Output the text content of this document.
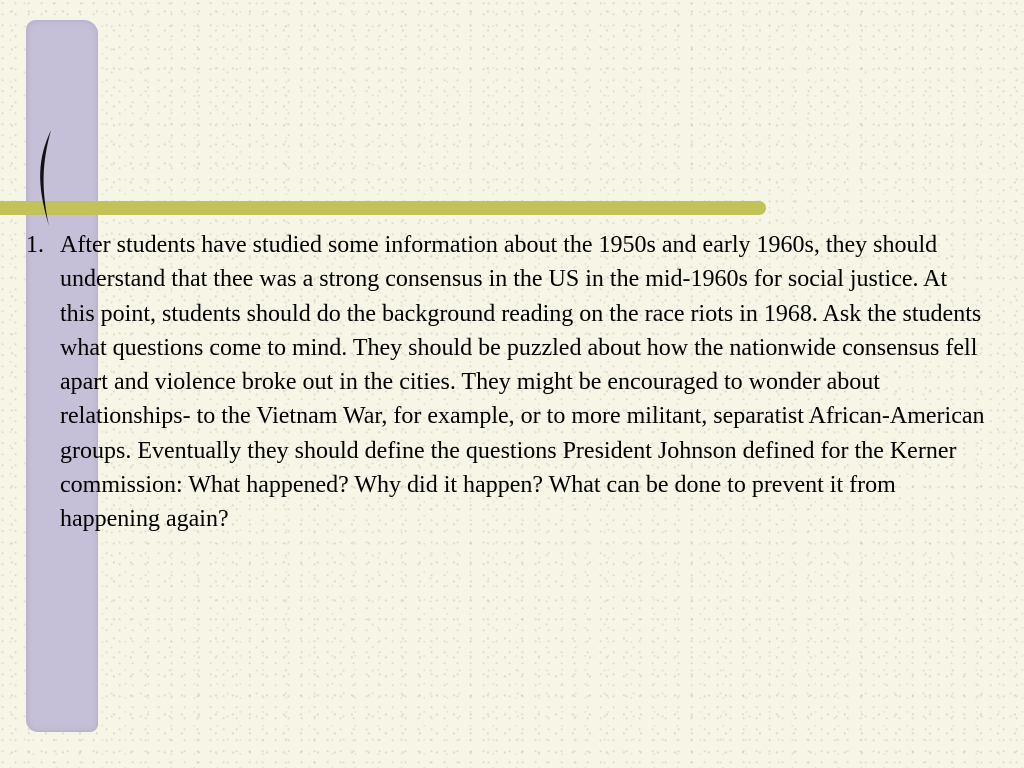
1. After students have studied some information about the 1950s and early 1960s, they should understand that thee was a strong consensus in the US in the mid-1960s for social justice. At this point, students should do the background reading on the race riots in 1968. Ask the students what questions come to mind. They should be puzzled about how the nationwide consensus fell apart and violence broke out in the cities. They might be encouraged to wonder about relationships- to the Vietnam War, for example, or to more militant, separatist African-American groups. Eventually they should define the questions President Johnson defined for the Kerner commission: What happened? Why did it happen? What can be done to prevent it from happening again?
